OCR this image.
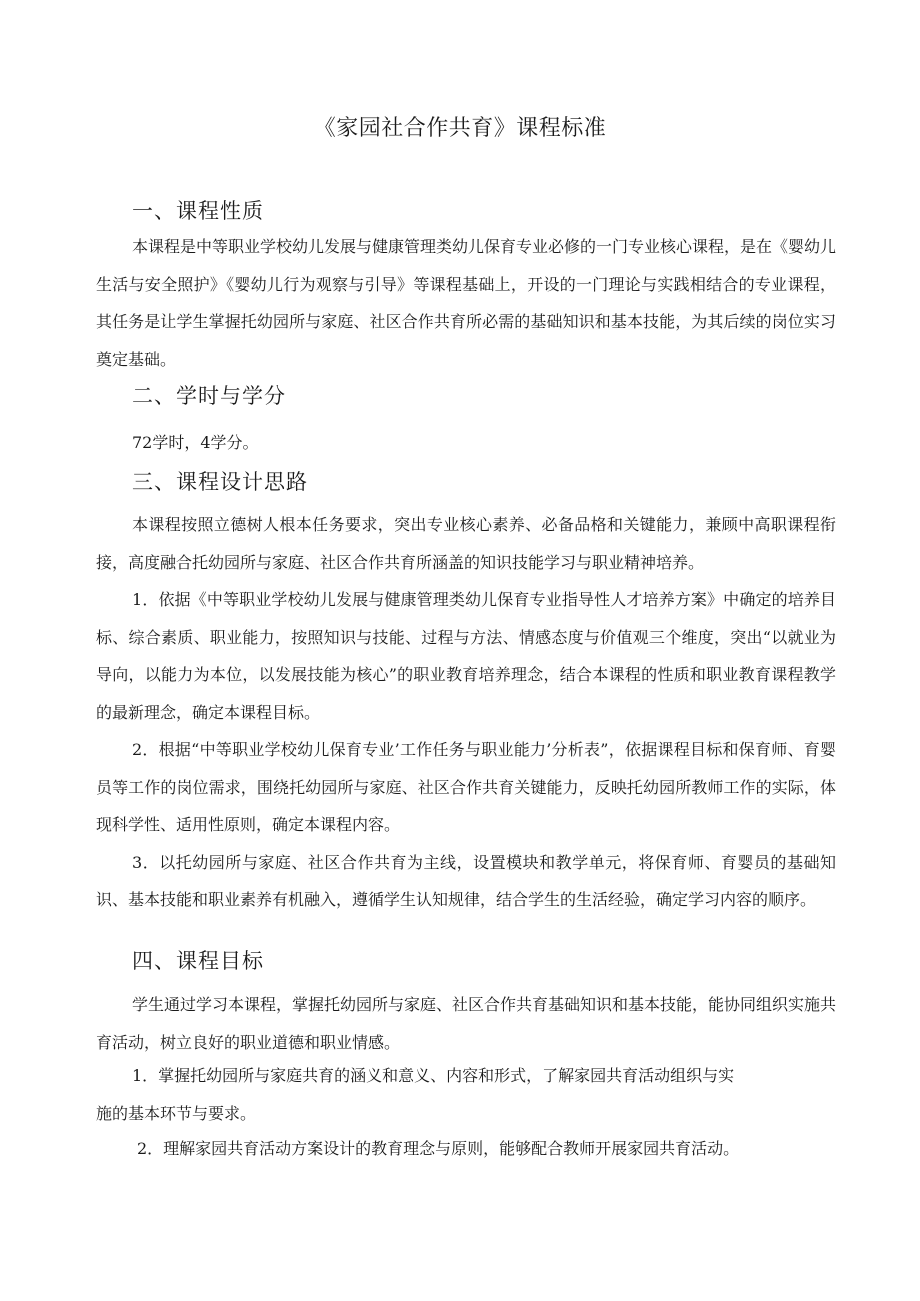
《家园社合作共育》课程标准
一、课程性质

本课程是中等职业学校幼儿发展与健康管理类幼儿保育专业必修的一门专业核心课程，是在《婴幼儿生活与安全照护》《婴幼儿行为观察与引导》等课程基础上，开设的一门理论与实践相结合的专业课程，其任务是让学生掌握托幼园所与家庭、社区合作共育所必需的基础知识和基本技能，为其后续的岗位实习奠定基础。

二、学时与学分

72学时，4学分。

三、课程设计思路

本课程按照立德树人根本任务要求，突出专业核心素养、必备品格和关键能力，兼顾中高职课程衔接，高度融合托幼园所与家庭、社区合作共育所涵盖的知识技能学习与职业精神培养。

1．依据《中等职业学校幼儿发展与健康管理类幼儿保育专业指导性人才培养方案》中确定的培养目标、综合素质、职业能力，按照知识与技能、过程与方法、情感态度与价值观三个维度，突出“以就业为导向，以能力为本位，以发展技能为核心”的职业教育培养理念，结合本课程的性质和职业教育课程教学的最新理念，确定本课程目标。

2．根据“中等职业学校幼儿保育专业’工作任务与职业能力’分析表”，依据课程目标和保育师、育婴员等工作的岗位需求，围绕托幼园所与家庭、社区合作共育关键能力，反映托幼园所教师工作的实际，体现科学性、适用性原则，确定本课程内容。

3．以托幼园所与家庭、社区合作共育为主线，设置模块和教学单元，将保育师、育婴员的基础知识、基本技能和职业素养有机融入，遵循学生认知规律，结合学生的生活经验，确定学习内容的顺序。

四、课程目标

学生通过学习本课程，掌握托幼园所与家庭、社区合作共育基础知识和基本技能，能协同组织实施共育活动，树立良好的职业道德和职业情感。

1．掌握托幼园所与家庭共育的涵义和意义、内容和形式，了解家园共育活动组织与实
施的基本环节与要求。
2．理解家园共育活动方案设计的教育理念与原则，能够配合教师开展家园共育活动。
